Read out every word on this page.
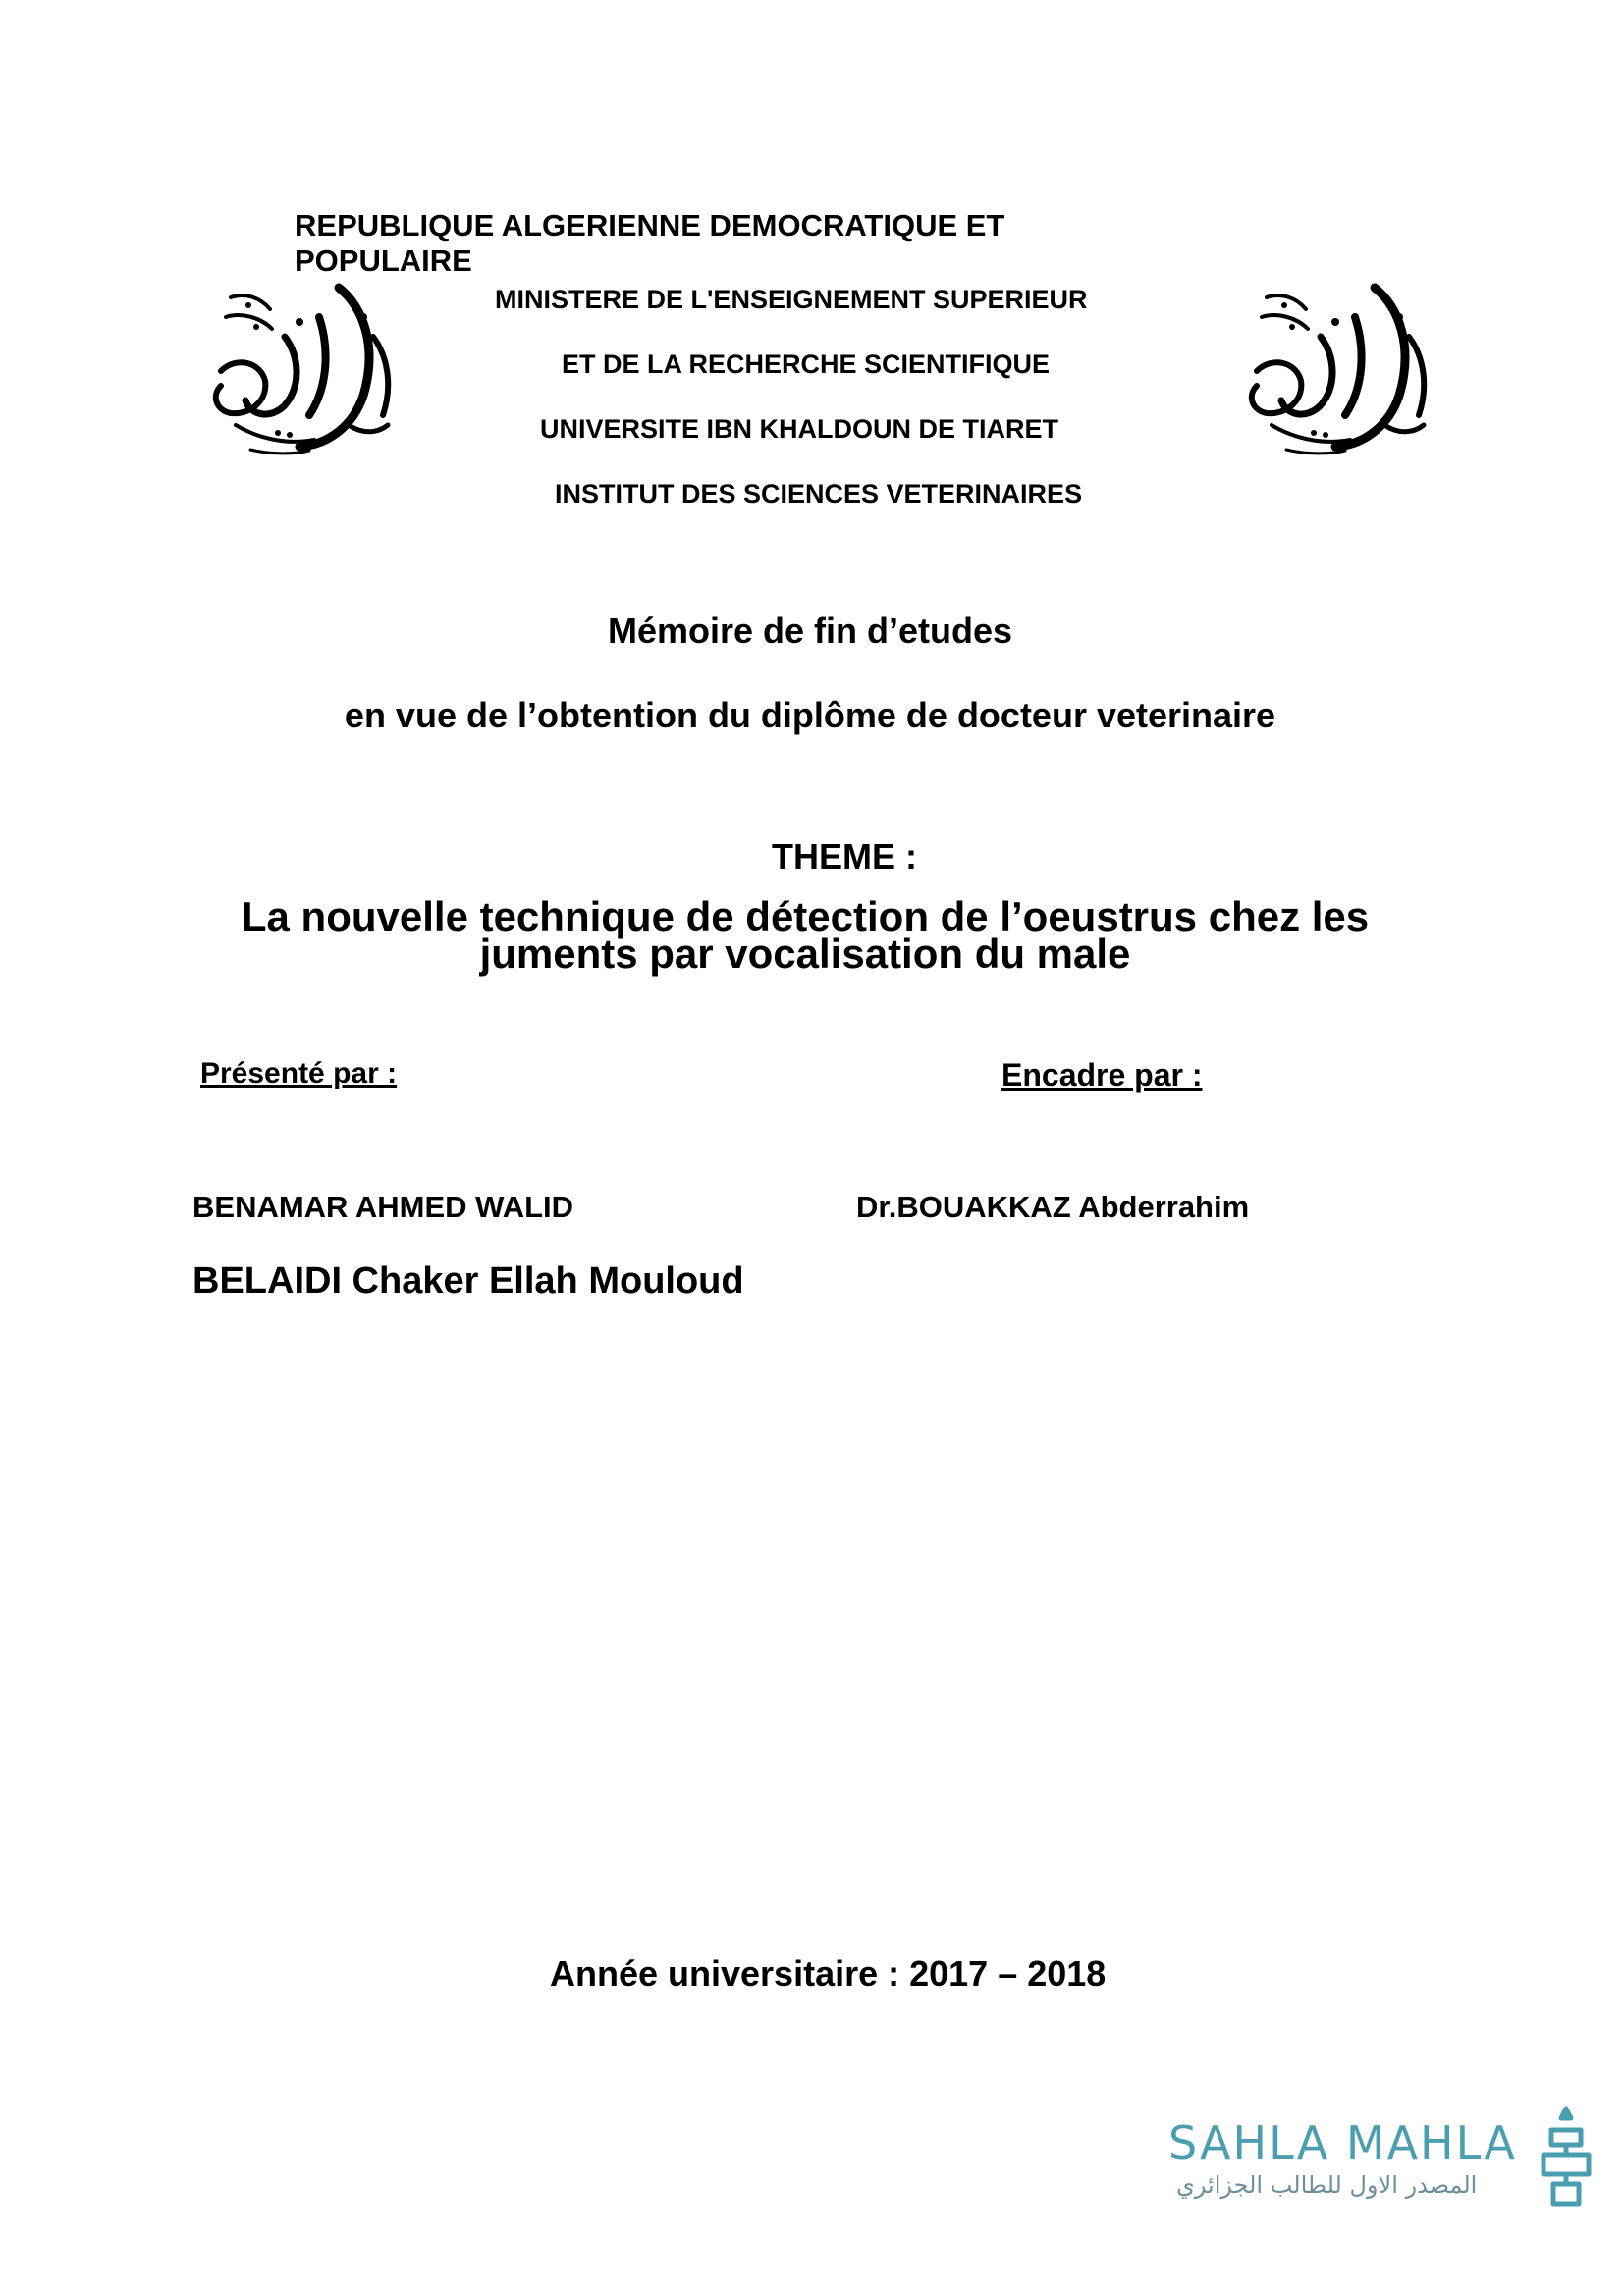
REPUBLIQUE ALGERIENNE DEMOCRATIQUE ET POPULAIRE
MINISTERE DE L'ENSEIGNEMENT SUPERIEUR
ET DE LA RECHERCHE SCIENTIFIQUE
UNIVERSITE IBN KHALDOUN DE TIARET
INSTITUT DES SCIENCES VETERINAIRES
Mémoire de fin d’etudes
en vue de l’obtention du diplôme de docteur veterinaire
THEME :
La nouvelle technique de détection de l’oeustrus chez les
juments par vocalisation du male
Présenté par :	Encadre par :
BENAMAR AHMED WALID
BELAIDI Chaker Ellah Mouloud
Dr.BOUAKKAZ Abderrahim
Année universitaire : 2017 – 2018
SAHLA MAHLA
المصدر الاول للطالب الجزائري
